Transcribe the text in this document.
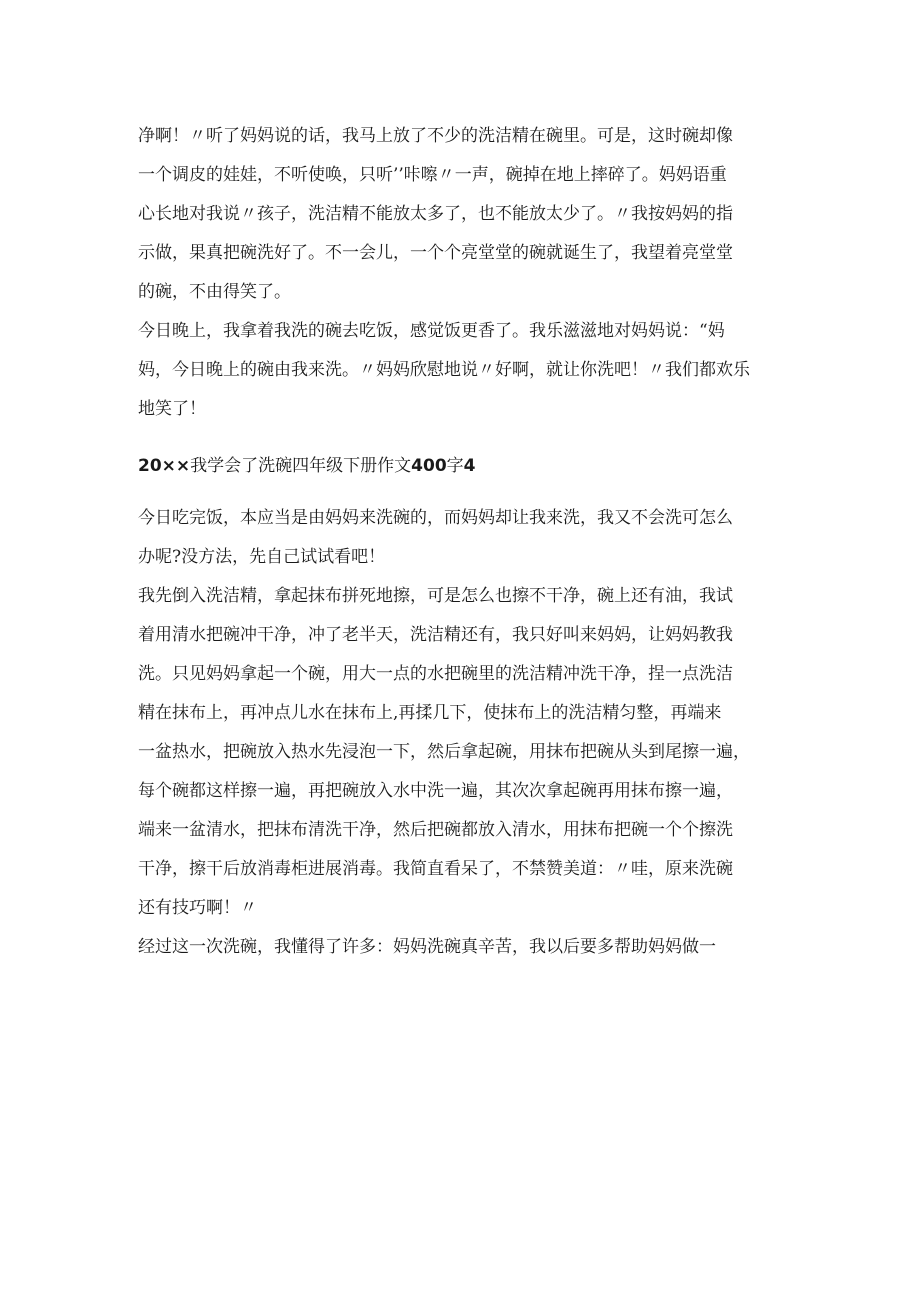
净啊！〃听了妈妈说的话，我马上放了不少的洗洁精在碗里。可是，这时碗却像
一个调皮的娃娃，不听使唤，只听’’咔嚓〃一声，碗掉在地上摔碎了。妈妈语重
心长地对我说〃孩子，洗洁精不能放太多了，也不能放太少了。〃我按妈妈的指
示做，果真把碗洗好了。不一会儿，一个个亮堂堂的碗就诞生了，我望着亮堂堂
的碗，不由得笑了。
今日晚上，我拿着我洗的碗去吃饭，感觉饭更香了。我乐滋滋地对妈妈说：“妈
妈，今日晚上的碗由我来洗。〃妈妈欣慰地说〃好啊，就让你洗吧！〃我们都欢乐
地笑了！
20××我学会了洗碗四年级下册作文400字4
今日吃完饭，本应当是由妈妈来洗碗的，而妈妈却让我来洗，我又不会洗可怎么
办呢?没方法，先自己试试看吧！
我先倒入洗洁精，拿起抹布拼死地擦，可是怎么也擦不干净，碗上还有油，我试
着用清水把碗冲干净，冲了老半天，洗洁精还有，我只好叫来妈妈，让妈妈教我
洗。只见妈妈拿起一个碗，用大一点的水把碗里的洗洁精冲洗干净，挰一点洗洁
精在抹布上，再冲点儿水在抹布上,再揉几下，使抹布上的洗洁精匀整，再端来
一盆热水，把碗放入热水先浸泡一下，然后拿起碗，用抹布把碗从头到尾擦一遍，
每个碗都这样擦一遍，再把碗放入水中洗一遍，其次次拿起碗再用抹布擦一遍，
端来一盆清水，把抹布清洗干净，然后把碗都放入清水，用抹布把碗一个个擦洗
干净，擦干后放消毒柜进展消毒。我简直看呆了，不禁赞美道：〃哇，原来洗碗
还有技巧啊！〃
经过这一次洗碗，我懂得了许多：妈妈洗碗真辛苦，我以后要多帮助妈妈做一
